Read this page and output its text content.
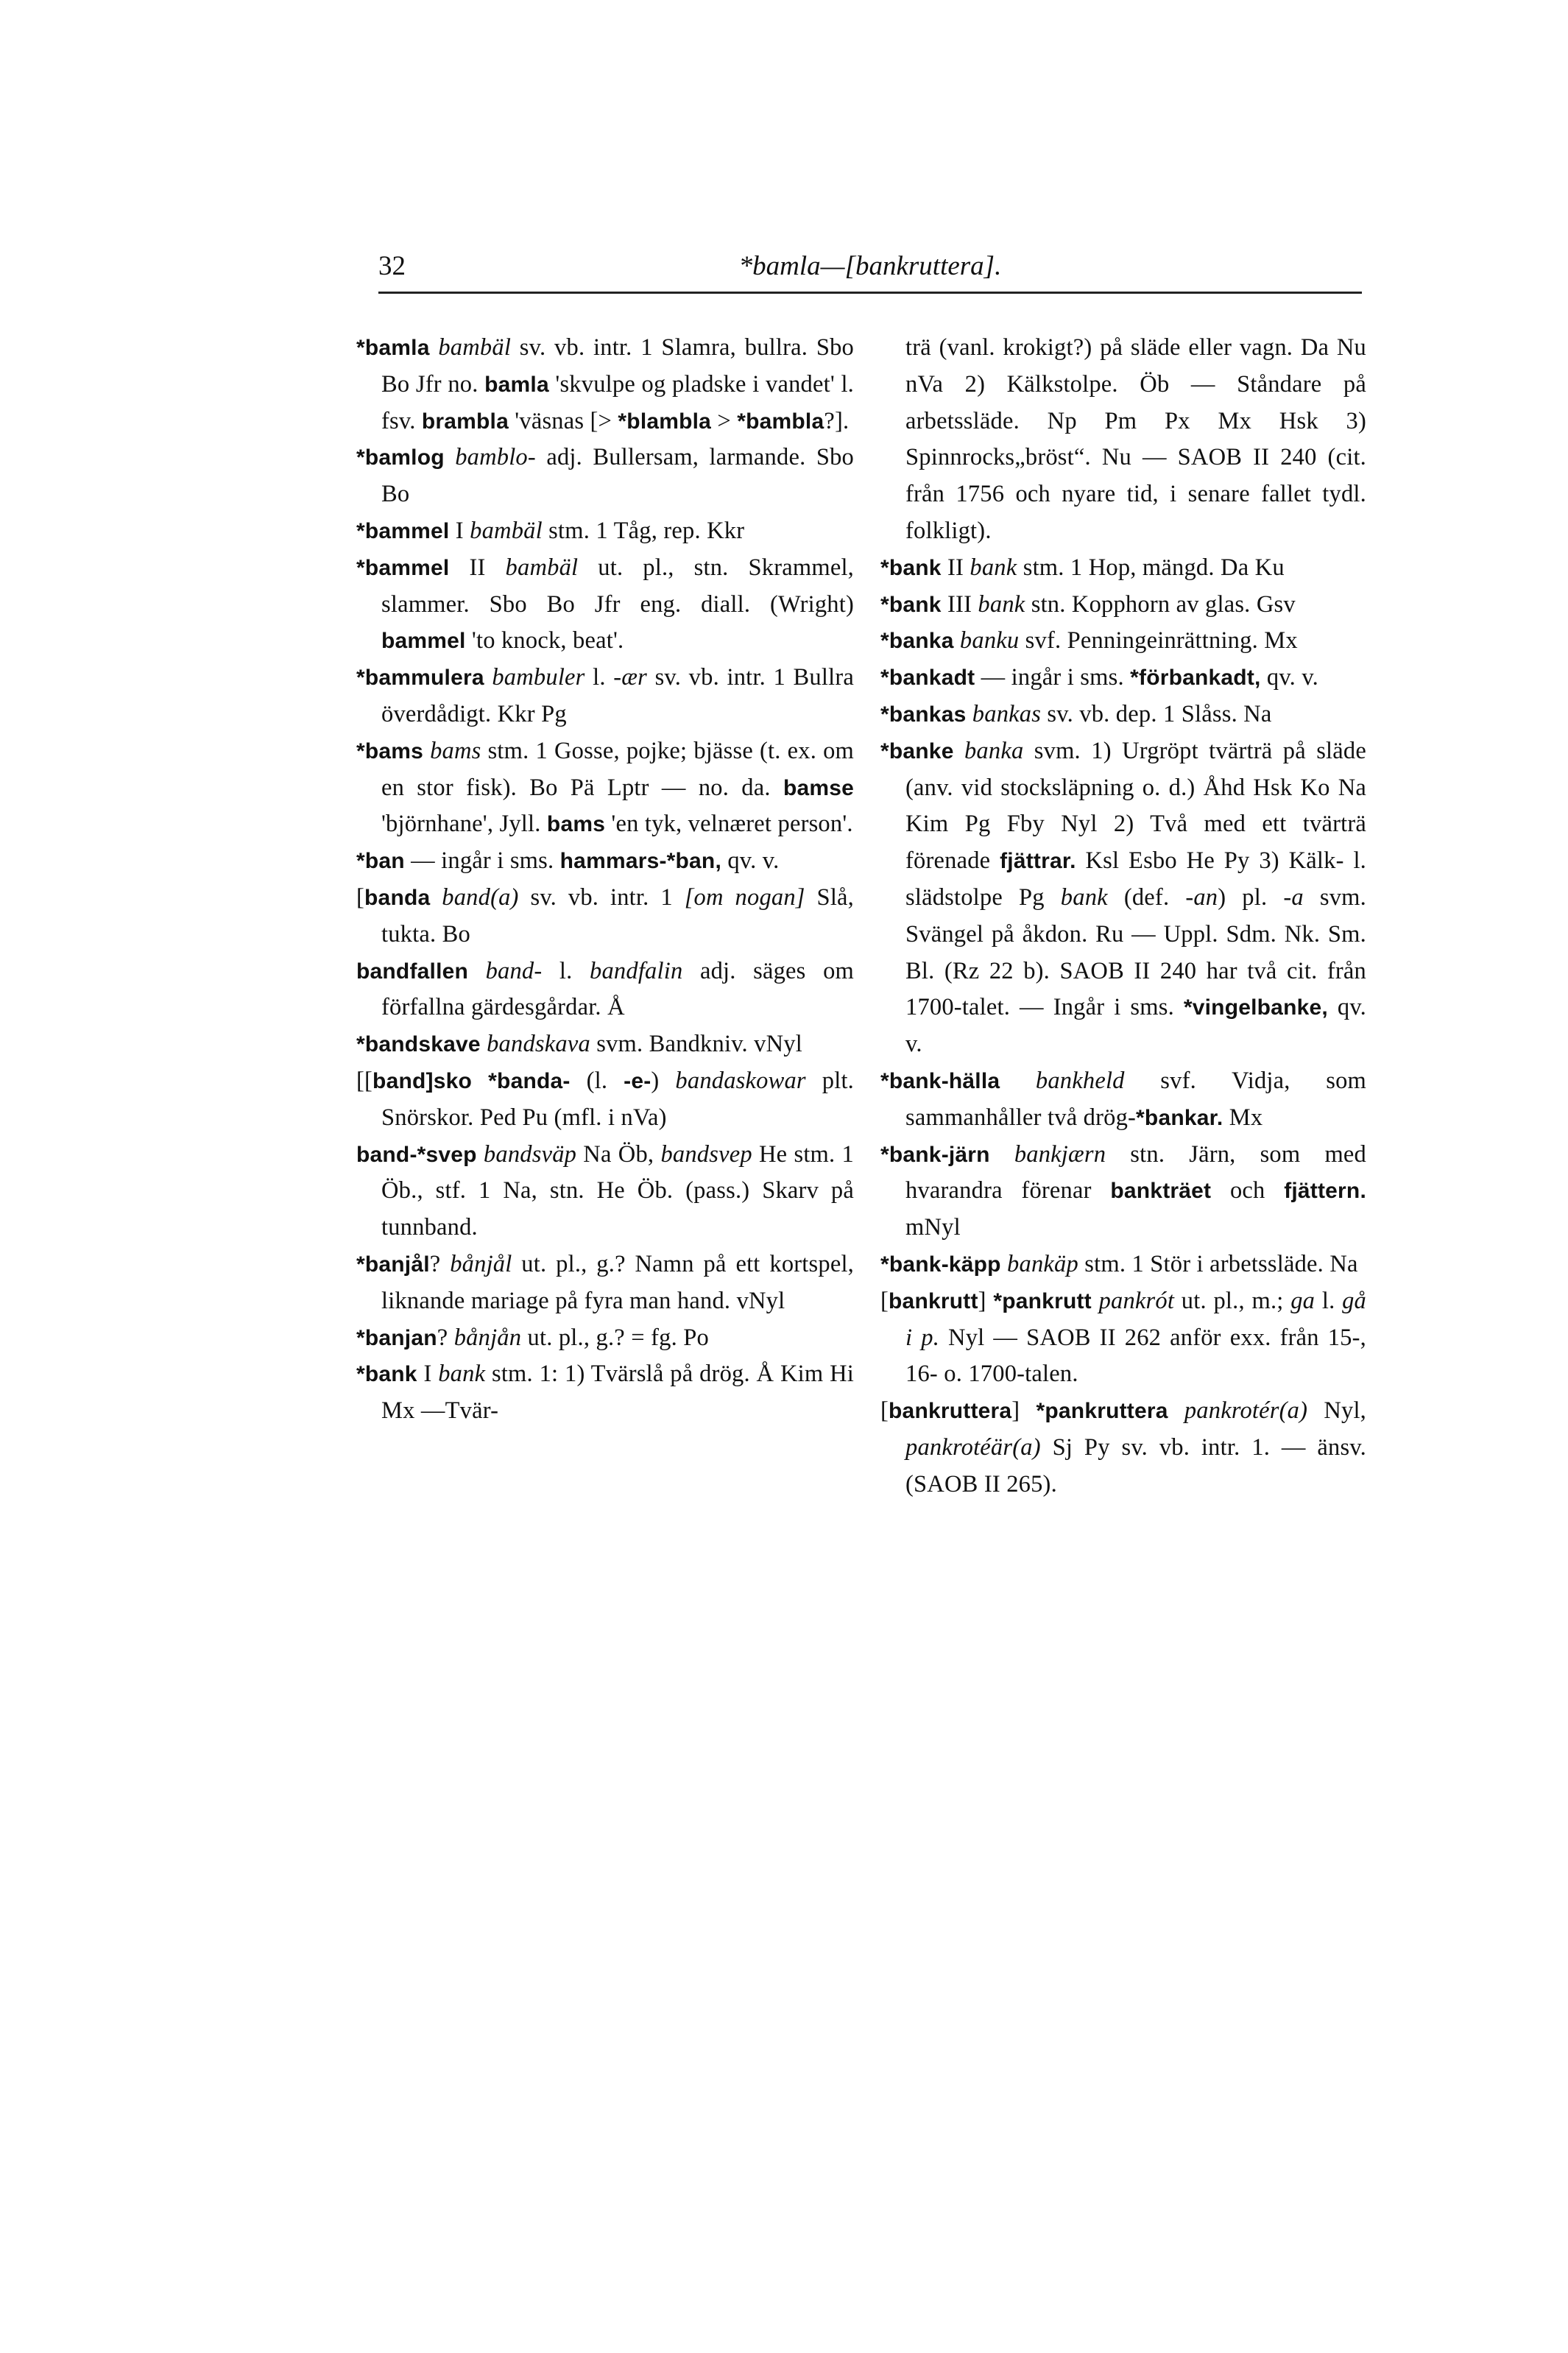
32	*bamla—[bankruttera].

*bamla bambäl sv. vb. intr. 1 Slamra, bullra. Sbo Bo Jfr no. bamla 'skvulpe og pladske i vandet' l. fsv. brambla 'väsnas [> *blambla > *bambla?].

*bamlog bamblo- adj. Bullersam, larmande. Sbo Bo

*bammel I bambäl stm. 1 Tåg, rep. Kkr

*bammel II bambäl ut. pl., stn. Skrammel, slammer. Sbo Bo Jfr eng. diall. (Wright) bammel 'to knock, beat'.

*bammulera bambuler l. -ær sv. vb. intr. 1 Bullra överdådigt. Kkr Pg

*bams bams stm. 1 Gosse, pojke; bjässe (t. ex. om en stor fisk). Bo Pä Lptr — no. da. bamse 'björnhane', Jyll. bams 'en tyk, velnæret person'.

*ban — ingår i sms. hammars-*ban, qv. v.

[banda band(a) sv. vb. intr. 1 [om nogan] Slå, tukta. Bo

bandfallen band- l. bandfalin adj. säges om förfallna gärdesgårdar. Å

*bandskave bandskava svm. Bandkniv. vNyl

[[band]sko *banda- (l. -e-) bandaskowar plt. Snörskor. Ped Pu (mfl. i nVa)

band-*svep bandsväp Na Öb, bandsvep He stm. 1 Öb., stf. 1 Na, stn. He Öb. (pass.) Skarv på tunnband.

*banjål? bånjål ut. pl., g.? Namn på ett kortspel, liknande mariage på fyra man hand. vNyl

*banjan? bånjån ut. pl., g.? = fg. Po

*bank I bank stm. 1: 1) Tvärslå på drög. Å Kim Hi Mx —Tvär-

trä (vanl. krokigt?) på släde eller vagn. Da Nu nVa 2) Kälkstolpe. Öb — Ståndare på arbetssläde. Np Pm Px Mx Hsk 3) Spinnrocks„bröst“. Nu — SAOB II 240 (cit. från 1756 och nyare tid, i senare fallet tydl. folkligt).

*bank II bank stm. 1 Hop, mängd. Da Ku

*bank III bank stn. Kopphorn av glas. Gsv

*banka banku svf. Penningeinrättning. Mx

*bankadt — ingår i sms. *förbankadt, qv. v.

*bankas bankas sv. vb. dep. 1 Slåss. Na

*banke banka svm. 1) Urgröpt tvärträ på släde (anv. vid stocksläpning o. d.) Åhd Hsk Ko Na Kim Pg Fby Nyl 2) Två med ett tvärträ förenade fjättrar. Ksl Esbo He Py 3) Kälk- l. slädstolpe Pg bank (def. -an) pl. -a svm. Svängel på åkdon. Ru — Uppl. Sdm. Nk. Sm. Bl. (Rz 22 b). SAOB II 240 har två cit. från 1700-talet. — Ingår i sms. *vingelbanke, qv. v.

*bank-hälla bankheld svf. Vidja, som sammanhåller två drög-*bankar. Mx

*bank-järn bankjærn stn. Järn, som med hvarandra förenar bankträet och fjättern. mNyl

*bank-käpp bankäp stm. 1 Stör i arbetssläde. Na

[bankrutt] *pankrutt pankrót ut. pl., m.; ga l. gå i p. Nyl — SAOB II 262 anför exx. från 15-, 16- o. 1700-talen.

[bankruttera] *pankruttera pankrotér(a) Nyl, pankrotéär(a) Sj Py sv. vb. intr. 1. — änsv. (SAOB II 265).
